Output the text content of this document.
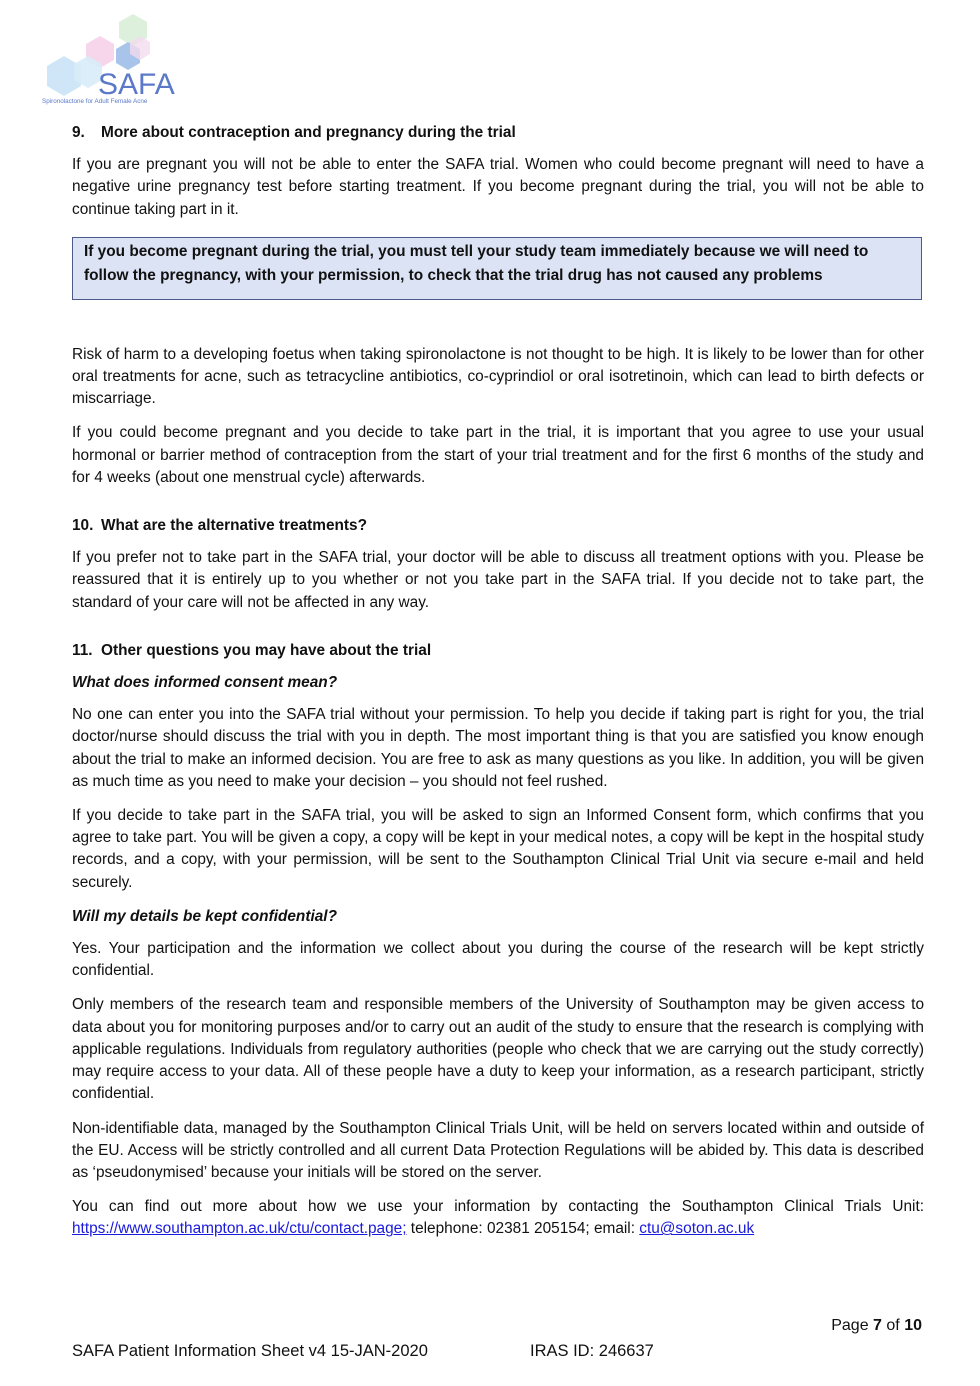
SAFA
Spironolactone for Adult Female Acne
9. More about contraception and pregnancy during the trial

If you are pregnant you will not be able to enter the SAFA trial. Women who could become pregnant will need to have a negative urine pregnancy test before starting treatment. If you become pregnant during the trial, you will not be able to continue taking part in it.

If you become pregnant during the trial, you must tell your study team immediately because we will need to follow the pregnancy, with your permission, to check that the trial drug has not caused any problems

Risk of harm to a developing foetus when taking spironolactone is not thought to be high. It is likely to be lower than for other oral treatments for acne, such as tetracycline antibiotics, co-cyprindiol or oral isotretinoin, which can lead to birth defects or miscarriage.

If you could become pregnant and you decide to take part in the trial, it is important that you agree to use your usual hormonal or barrier method of contraception from the start of your trial treatment and for the first 6 months of the study and for 4 weeks (about one menstrual cycle) afterwards.

10. What are the alternative treatments?

If you prefer not to take part in the SAFA trial, your doctor will be able to discuss all treatment options with you. Please be reassured that it is entirely up to you whether or not you take part in the SAFA trial. If you decide not to take part, the standard of your care will not be affected in any way.

11. Other questions you may have about the trial
What does informed consent mean?

No one can enter you into the SAFA trial without your permission. To help you decide if taking part is right for you, the trial doctor/nurse should discuss the trial with you in depth. The most important thing is that you are satisfied you know enough about the trial to make an informed decision. You are free to ask as many questions as you like. In addition, you will be given as much time as you need to make your decision – you should not feel rushed.

If you decide to take part in the SAFA trial, you will be asked to sign an Informed Consent form, which confirms that you agree to take part. You will be given a copy, a copy will be kept in your medical notes, a copy will be kept in the hospital study records, and a copy, with your permission, will be sent to the Southampton Clinical Trial Unit via secure e-mail and held securely.

Will my details be kept confidential?

Yes. Your participation and the information we collect about you during the course of the research will be kept strictly confidential.

Only members of the research team and responsible members of the University of Southampton may be given access to data about you for monitoring purposes and/or to carry out an audit of the study to ensure that the research is complying with applicable regulations. Individuals from regulatory authorities (people who check that we are carrying out the study correctly) may require access to your data. All of these people have a duty to keep your information, as a research participant, strictly confidential.

Non-identifiable data, managed by the Southampton Clinical Trials Unit, will be held on servers located within and outside of the EU. Access will be strictly controlled and all current Data Protection Regulations will be abided by. This data is described as ‘pseudonymised’ because your initials will be stored on the server.

You can find out more about how we use your information by contacting the Southampton Clinical Trials Unit: https://www.southampton.ac.uk/ctu/contact.page; telephone: 02381 205154; email: ctu@soton.ac.uk

Page 7 of 10
SAFA Patient Information Sheet v4 15-JAN-2020	IRAS ID: 246637
